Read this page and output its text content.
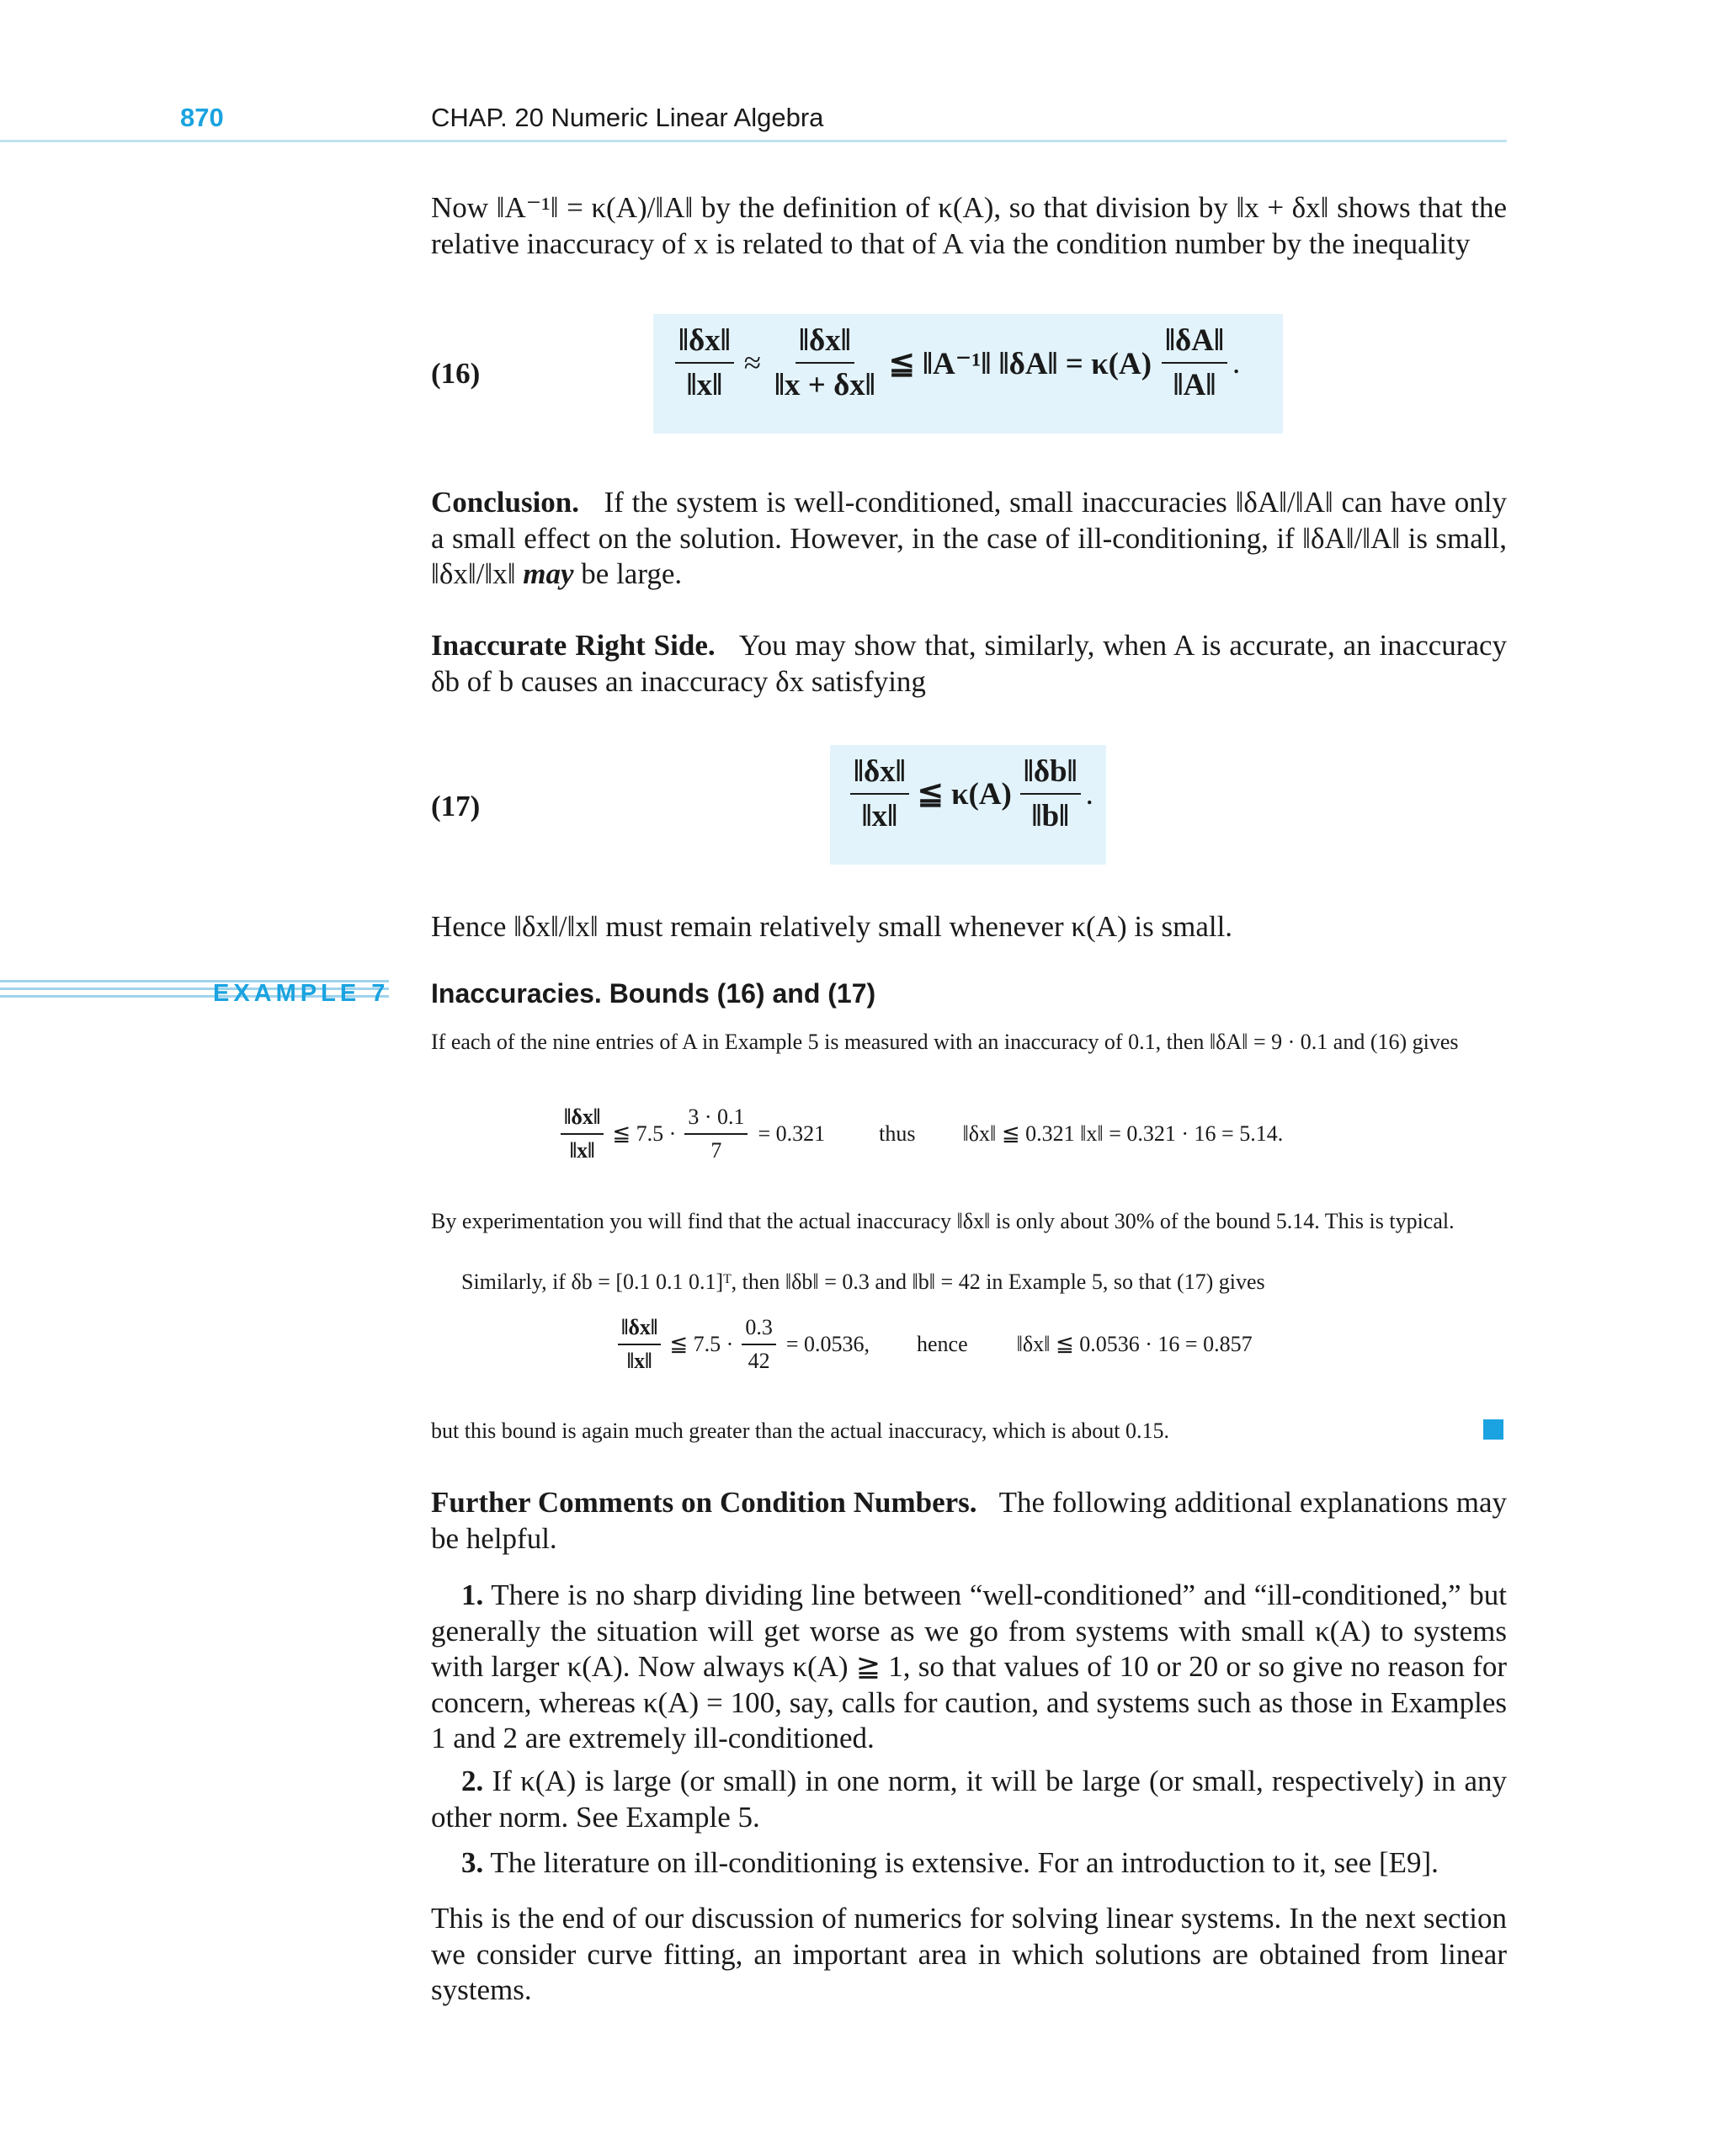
870	CHAP. 20 Numeric Linear Algebra
Now ‖A⁻¹‖ = κ(A)/‖A‖ by the definition of κ(A), so that division by ‖x + δx‖ shows that the relative inaccuracy of x is related to that of A via the condition number by the inequality
(16)	$\frac{‖\delta x‖}{‖x‖} \approx \frac{‖\delta x‖}{‖x + \delta x‖}$ ≦ ‖A⁻¹‖ ‖δA‖ = $\kappa(A) \frac{‖\delta A‖}{‖A‖}$ .
Conclusion. If the system is well-conditioned, small inaccuracies ‖δA‖/‖A‖ can have only a small effect on the solution. However, in the case of ill-conditioning, if ‖δA‖/‖A‖ is small, ‖δx‖/‖x‖ may be large.
Inaccurate Right Side. You may show that, similarly, when A is accurate, an inaccuracy δb of b causes an inaccuracy δx satisfying
(17)	$\frac{‖\delta x‖}{‖x‖}$ ≦ $\kappa(A) \frac{‖\delta b‖}{‖b‖}$ .
Hence ‖δx‖/‖x‖ must remain relatively small whenever κ(A) is small.
EXAMPLE 7 Inaccuracies. Bounds (16) and (17)
If each of the nine entries of A in Example 5 is measured with an inaccuracy of 0.1, then ‖δA‖ = 9 · 0.1 and (16) gives
$\frac{‖\delta x‖}{‖x‖}$ ≦ $7.5 \cdot \frac{3 \cdot 0.1}{7} = 0.321$ thus ‖δx‖ ≦ 0.321 ‖x‖ = 0.321 · 16 = 5.14.
By experimentation you will find that the actual inaccuracy ‖δx‖ is only about 30% of the bound 5.14. This is typical.
Similarly, if δb = [0.1 0.1 0.1]ᵀ, then ‖δb‖ = 0.3 and ‖b‖ = 42 in Example 5, so that (17) gives
$\frac{‖\delta x‖}{‖x‖}$ ≦ $7.5 \cdot \frac{0.3}{42} = 0.0536$, hence ‖δx‖ ≦ 0.0536 · 16 = 0.857
but this bound is again much greater than the actual inaccuracy, which is about 0.15.
Further Comments on Condition Numbers. The following additional explanations may be helpful.
1. There is no sharp dividing line between “well-conditioned” and “ill-conditioned,” but generally the situation will get worse as we go from systems with small κ(A) to systems with larger κ(A). Now always κ(A) ≧ 1, so that values of 10 or 20 or so give no reason for concern, whereas κ(A) = 100, say, calls for caution, and systems such as those in Examples 1 and 2 are extremely ill-conditioned.
2. If κ(A) is large (or small) in one norm, it will be large (or small, respectively) in any other norm. See Example 5.
3. The literature on ill-conditioning is extensive. For an introduction to it, see [E9].
This is the end of our discussion of numerics for solving linear systems. In the next section we consider curve fitting, an important area in which solutions are obtained from linear systems.
